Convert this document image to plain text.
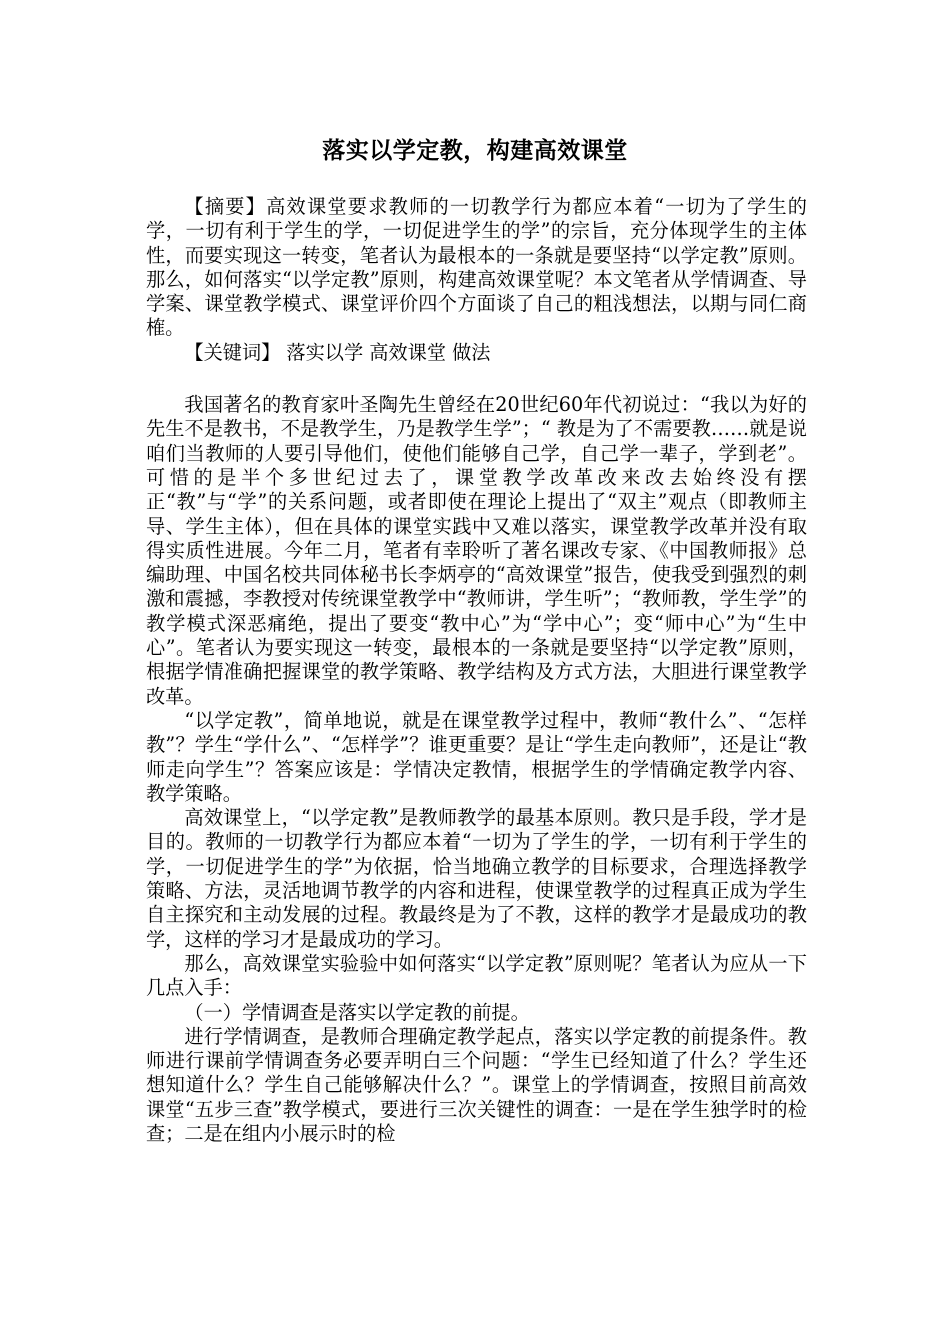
落实以学定教，构建高效课堂

【摘要】高效课堂要求教师的一切教学行为都应本着“一切为了学生的学，一切有利于学生的学，一切促进学生的学”的宗旨，充分体现学生的主体性，而要实现这一转变，笔者认为最根本的一条就是要坚持“以学定教”原则。那么，如何落实“以学定教”原则，构建高效课堂呢？本文笔者从学情调查、导学案、课堂教学模式、课堂评价四个方面谈了自己的粗浅想法，以期与同仁商榷。

【关键词】 落实以学 高效课堂 做法

我国著名的教育家叶圣陶先生曾经在20世纪60年代初说过：“我以为好的先生不是教书，不是教学生，乃是教学生学”；“ 教是为了不需要教……就是说咱们当教师的人要引导他们，使他们能够自己学，自己学一辈子，学到老”。可惜的是半个多世纪过去了，课堂教学改革改来改去始终没有摆正“教”与“学”的关系问题，或者即使在理论上提出了“双主”观点（即教师主导、学生主体），但在具体的课堂实践中又难以落实，课堂教学改革并没有取得实质性进展。今年二月，笔者有幸聆听了著名课改专家、《中国教师报》总编助理、中国名校共同体秘书长李炳亭的“高效课堂”报告，使我受到强烈的刺激和震撼，李教授对传统课堂教学中“教师讲，学生听”；“教师教，学生学”的教学模式深恶痛绝，提出了要变“教中心”为“学中心”；变“师中心”为“生中心”。笔者认为要实现这一转变，最根本的一条就是要坚持“以学定教”原则，根据学情准确把握课堂的教学策略、教学结构及方式方法，大胆进行课堂教学改革。

“以学定教”，简单地说，就是在课堂教学过程中，教师“教什么”、“怎样教”？学生“学什么”、“怎样学”？谁更重要？是让“学生走向教师”，还是让“教师走向学生”？答案应该是：学情决定教情，根据学生的学情确定教学内容、教学策略。

高效课堂上，“以学定教”是教师教学的最基本原则。教只是手段，学才是目的。教师的一切教学行为都应本着“一切为了学生的学，一切有利于学生的学，一切促进学生的学”为依据，恰当地确立教学的目标要求，合理选择教学策略、方法，灵活地调节教学的内容和进程，使课堂教学的过程真正成为学生自主探究和主动发展的过程。教最终是为了不教，这样的教学才是最成功的教学，这样的学习才是最成功的学习。

那么，高效课堂实验验中如何落实“以学定教”原则呢？笔者认为应从一下几点入手：

（一）学情调查是落实以学定教的前提。

进行学情调查，是教师合理确定教学起点，落实以学定教的前提条件。教师进行课前学情调查务必要弄明白三个问题：“学生已经知道了什么？学生还想知道什么？学生自己能够解决什么？”。课堂上的学情调查，按照目前高效课堂“五步三查”教学模式，要进行三次关键性的调查：一是在学生独学时的检查；二是在组内小展示时的检
